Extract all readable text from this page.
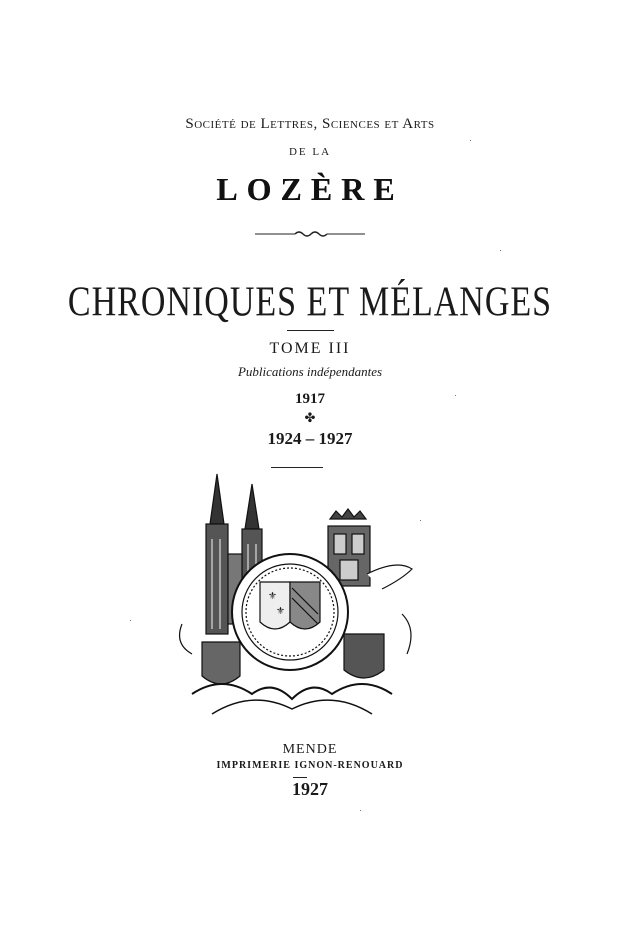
Société de Lettres, Sciences et Arts
DE LA
LOZÈRE
CHRONIQUES ET MÉLANGES
TOME III
Publications indépendantes
1917
✤
1924 – 1927
⚜
⚜
MENDE
IMPRIMERIE IGNON-RENOUARD
1927
